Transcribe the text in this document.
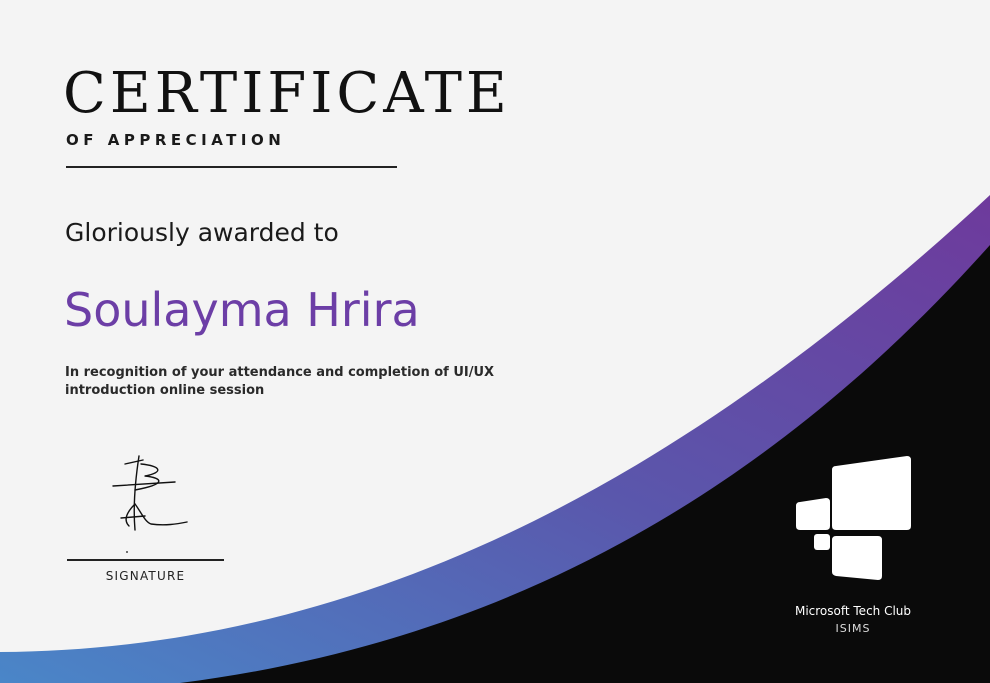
CERTIFICATE
OF APPRECIATION
Gloriously awarded to
Soulayma Hrira
In recognition of your attendance and completion of UI/UX
introduction online session
SIGNATURE
Microsoft Tech Club
ISIMS
